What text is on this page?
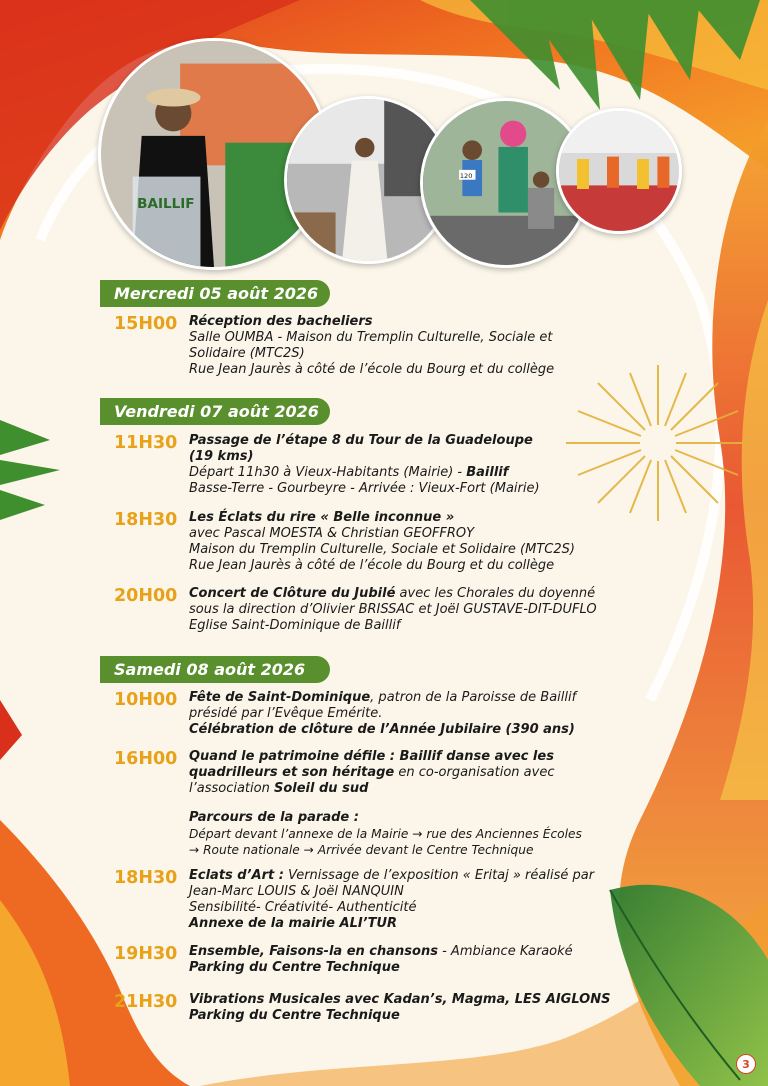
BAILLIF
120
Mercredi 05 août 2026
Vendredi 07 août 2026
Samedi 08 août 2026
15H00 Réception des bacheliers

Salle OUMBA - Maison du Tremplin Culturelle, Sociale et

Solidaire (MTC2S)

Rue Jean Jaurès à côté de l’école du Bourg et du collège

11H30 Passage de l’étape 8 du Tour de la Guadeloupe

(19 kms)

Départ 11h30 à Vieux-Habitants (Mairie) - Baillif

Basse-Terre - Gourbeyre - Arrivée : Vieux-Fort (Mairie)

18H30 Les Éclats du rire « Belle inconnue »

avec Pascal MOESTA & Christian GEOFFROY

Maison du Tremplin Culturelle, Sociale et Solidaire (MTC2S)

Rue Jean Jaurès à côté de l’école du Bourg et du collège

20H00 Concert de Clôture du Jubilé avec les Chorales du doyenné

sous la direction d’Olivier BRISSAC et Joël GUSTAVE-DIT-DUFLO

Eglise Saint-Dominique de Baillif

10H00 Fête de Saint-Dominique, patron de la Paroisse de Baillif

présidé par l’Evêque Emérite.

Célébration de clôture de l’Année Jubilaire (390 ans)

16H00 Quand le patrimoine défile : Baillif danse avec les

quadrilleurs et son héritage en co-organisation avec

l’association Soleil du sud

Parcours de la parade :

Départ devant l’annexe de la Mairie → rue des Anciennes Écoles

→ Route nationale → Arrivée devant le Centre Technique

18H30 Eclats d’Art : Vernissage de l’exposition « Eritaj » réalisé par

Jean-Marc LOUIS & Joël NANQUIN

Sensibilité- Créativité- Authenticité

Annexe de la mairie ALI’TUR

19H30 Ensemble, Faisons-la en chansons - Ambiance Karaoké

Parking du Centre Technique

21H30 Vibrations Musicales avec Kadan’s, Magma, LES AIGLONS

Parking du Centre Technique

3
